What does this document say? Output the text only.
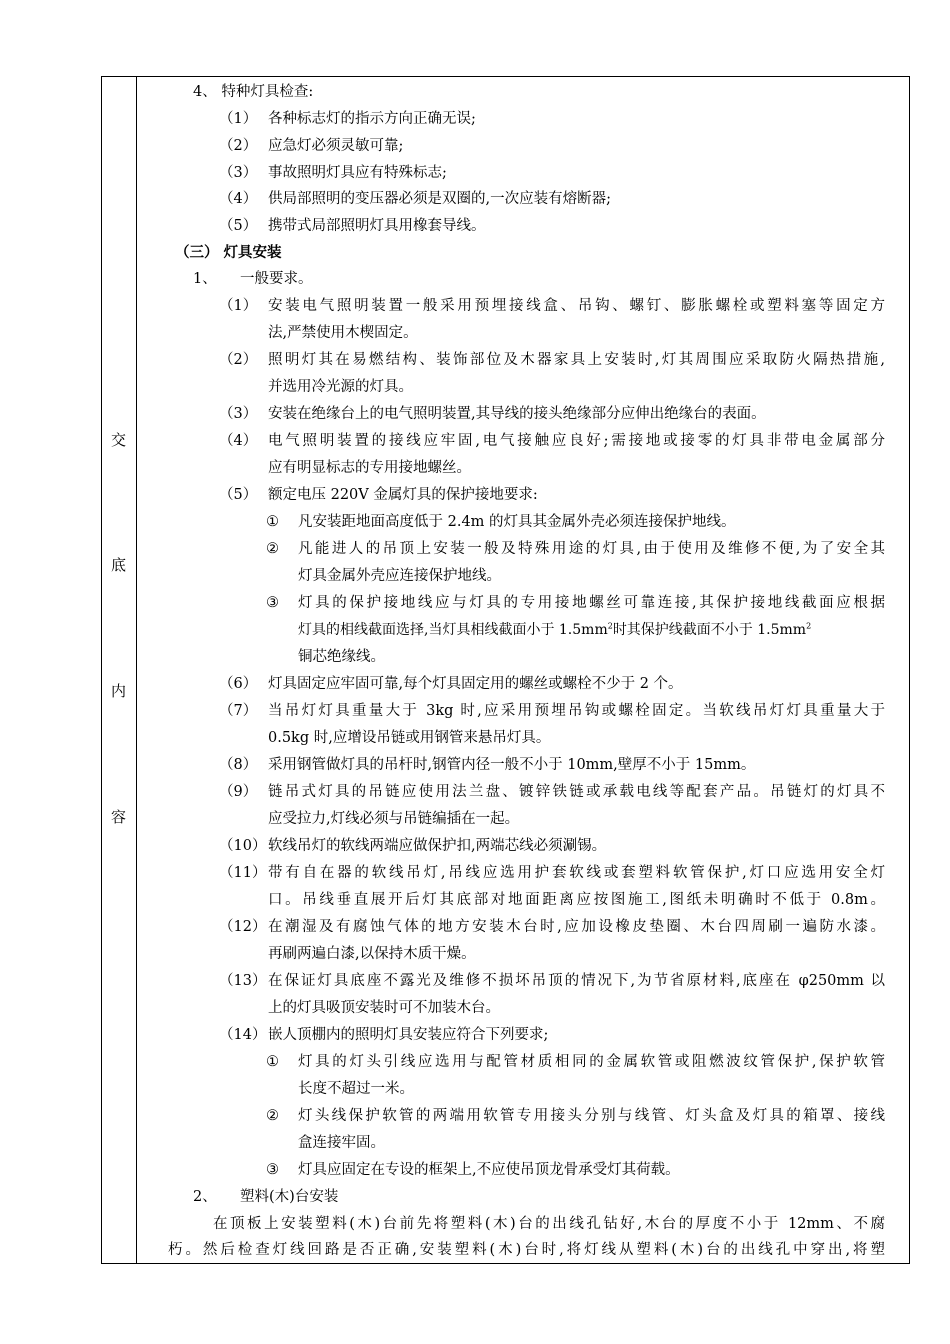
交
底
内
容
4、 特种灯具检查:
（1） 各种标志灯的指示方向正确无误;
（2） 应急灯必须灵敏可靠;
（3） 事故照明灯具应有特殊标志;
（4） 供局部照明的变压器必须是双圈的,一次应装有熔断器;
（5） 携带式局部照明灯具用橡套导线。
（三） 灯具安装
1、 一般要求。
（1） 安装电气照明装置一般采用预埋接线盒、吊钩、螺钉、膨胀螺栓或塑料塞等固定方
法,严禁使用木楔固定。
（2） 照明灯其在易燃结构、装饰部位及木器家具上安装时,灯其周围应采取防火隔热措施,
并选用冷光源的灯具。
（3） 安装在绝缘台上的电气照明装置,其导线的接头绝缘部分应伸出绝缘台的表面。
（4） 电气照明装置的接线应牢固,电气接触应良好;需接地或接零的灯具非带电金属部分
应有明显标志的专用接地螺丝。
（5） 额定电压 220V 金属灯具的保护接地要求:
① 凡安装距地面高度低于 2.4m 的灯具其金属外壳必须连接保护地线。
② 凡能进人的吊顶上安装一般及特殊用途的灯具,由于使用及维修不便,为了安全其
灯具金属外壳应连接保护地线。
③ 灯具的保护接地线应与灯具的专用接地螺丝可靠连接,其保护接地线截面应根据
灯具的相线截面选择,当灯具相线截面小于 $1.5mm^2$时其保护线截面不小于 $1.5mm^2$
铜芯绝缘线。
（6） 灯具固定应牢固可靠,每个灯具固定用的螺丝或螺栓不少于 2 个。
（7） 当吊灯灯具重量大于 3kg 时,应采用预埋吊钩或螺栓固定。当软线吊灯灯具重量大于
0.5kg 时,应增设吊链或用钢管来悬吊灯具。
（8） 采用钢管做灯具的吊杆时,钢管内径一般不小于 10mm,壁厚不小于 15mm。
（9） 链吊式灯具的吊链应使用法兰盘、镀锌铁链或承载电线等配套产品。吊链灯的灯具不
应受拉力,灯线必须与吊链编插在一起。
（10） 软线吊灯的软线两端应做保护扣,两端芯线必须涮锡。
（11） 带有自在器的软线吊灯,吊线应选用护套软线或套塑料软管保护,灯口应选用安全灯
口。吊线垂直展开后灯其底部对地面距离应按图施工,图纸未明确时不低于 0.8m。
（12） 在潮湿及有腐蚀气体的地方安装木台时,应加设橡皮垫圈、木台四周刷一遍防水漆。
再刷两遍白漆,以保持木质干燥。
（13） 在保证灯具底座不露光及维修不损坏吊顶的情况下,为节省原材料,底座在 φ250mm 以
上的灯具吸顶安装时可不加装木台。
（14） 嵌人顶棚内的照明灯具安装应符合下列要求;
① 灯具的灯头引线应选用与配管材质相同的金属软管或阻燃波纹管保护,保护软管
长度不超过一米。
② 灯头线保护软管的两端用软管专用接头分别与线管、灯头盒及灯具的箱罩、接线
盒连接牢固。
③ 灯具应固定在专设的框架上,不应使吊顶龙骨承受灯其荷载。
2、 塑料(木)台安装
在顶板上安装塑料(木)台前先将塑料(木)台的出线孔钻好,木台的厚度不小于 12mm、不腐
朽。然后检查灯线回路是否正确,安装塑料(木)台时,将灯线从塑料(木)台的出线孔中穿出,将塑
